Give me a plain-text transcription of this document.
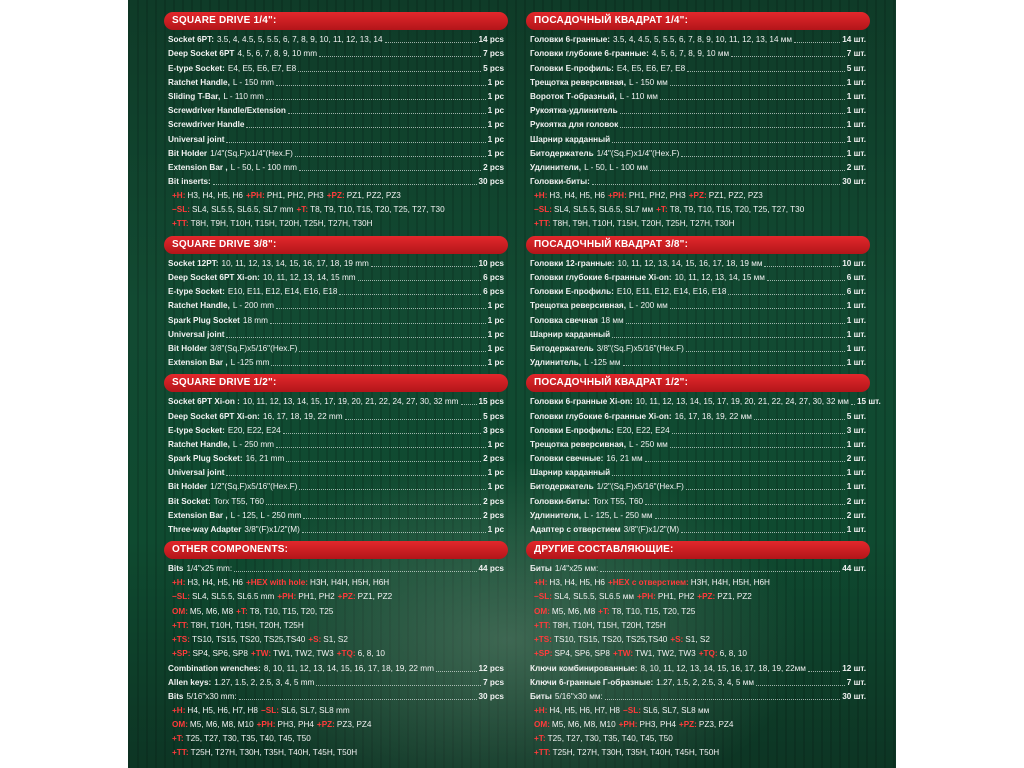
SQUARE DRIVE 1/4":
Socket 6PT: 3.5, 4, 4.5, 5, 5.5, 6, 7, 8, 9, 10, 11, 12, 13, 14	14 pcs
Deep Socket 6PT 4, 5, 6, 7, 8, 9, 10 mm	7 pcs
E-type Socket: E4, E5, E6, E7, E8	5 pcs
Ratchet Handle, L - 150 mm	1 pc
Sliding T-Bar, L - 110 mm	1 pc
Screwdriver Handle/Extension	1 pc
Screwdriver Handle	1 pc
Universal joint	1 pc
Bit Holder 1/4"(Sq.F)x1/4"(Hex.F)	1 pc
Extension Bar , L - 50, L - 100 mm	2 pcs
Bit inserts:	30 pcs
+H: H3, H4, H5, H6 +PH: PH1, PH2, PH3 +PZ: PZ1, PZ2, PZ3
−SL: SL4, SL5.5, SL6.5, SL7 mm +T: T8, T9, T10, T15, T20, T25, T27, T30
+TT: T8H, T9H, T10H, T15H, T20H, T25H, T27H, T30H
SQUARE DRIVE 3/8":
Socket 12PT: 10, 11, 12, 13, 14, 15, 16, 17, 18, 19 mm	10 pcs
Deep Socket 6PT Xi-on: 10, 11, 12, 13, 14, 15 mm	6 pcs
E-type Socket: E10, E11, E12, E14, E16, E18	6 pcs
Ratchet Handle, L - 200 mm	1 pc
Spark Plug Socket 18 mm	1 pc
Universal joint	1 pc
Bit Holder 3/8"(Sq.F)x5/16"(Hex.F)	1 pc
Extension Bar , L -125 mm	1 pc
SQUARE DRIVE 1/2":
Socket 6PT Xi-on : 10, 11, 12, 13, 14, 15, 17, 19, 20, 21, 22, 24, 27, 30, 32 mm 15 pcs
Deep Socket 6PT Xi-on: 16, 17, 18, 19, 22 mm	5 pcs
E-type Socket: E20, E22, E24	3 pcs
Ratchet Handle, L - 250 mm	1 pc
Spark Plug Socket: 16, 21 mm	2 pcs
Universal joint	1 pc
Bit Holder 1/2"(Sq.F)x5/16"(Hex.F)	1 pc
Bit Socket: Torx T55, T60	2 pcs
Extension Bar , L - 125, L - 250 mm	2 pcs
Three-way Adapter 3/8"(F)x1/2"(M)	1 pc
OTHER COMPONENTS:
Bits 1/4"x25 mm:	44 pcs
+H: H3, H4, H5, H6 +HEX with hole: H3H, H4H, H5H, H6H
−SL: SL4, SL5.5, SL6.5 mm +PH: PH1, PH2 +PZ: PZ1, PZ2
OM: M5, M6, M8 +T: T8, T10, T15, T20, T25
+TT: T8H, T10H, T15H, T20H, T25H
+TS: TS10, TS15, TS20, TS25,TS40 +S: S1, S2
+SP: SP4, SP6, SP8 +TW: TW1, TW2, TW3 +TQ: 6, 8, 10
Combination wrenches: 8, 10, 11, 12, 13, 14, 15, 16, 17, 18, 19, 22 mm	12 pcs
Allen keys: 1.27, 1.5, 2, 2.5, 3, 4, 5 mm	7 pcs
Bits 5/16"x30 mm:	30 pcs
+H: H4, H5, H6, H7, H8 −SL: SL6, SL7, SL8 mm
OM: M5, M6, M8, M10 +PH: PH3, PH4 +PZ: PZ3, PZ4
+T: T25, T27, T30, T35, T40, T45, T50
+TT: T25H, T27H, T30H, T35H, T40H, T45H, T50H
ПОСАДОЧНЫЙ КВАДРАТ 1/4":
Головки 6-гранные: 3.5, 4, 4.5, 5, 5.5, 6, 7, 8, 9, 10, 11, 12, 13, 14 мм	14 шт.
Головки глубокие 6-гранные: 4, 5, 6, 7, 8, 9, 10 мм	7 шт.
Головки Е-профиль: E4, E5, E6, E7, E8	5 шт.
Трещотка реверсивная, L - 150 мм	1 шт.
Вороток Т-образный, L - 110 мм	1 шт.
Рукоятка-удлинитель	1 шт.
Рукоятка для головок	1 шт.
Шарнир карданный	1 шт.
Битодержатель 1/4"(Sq.F)x1/4"(Hex.F)	1 шт.
Удлинители, L - 50, L - 100 мм	2 шт.
Головки-биты:	30 шт.
+H: H3, H4, H5, H6 +PH: PH1, PH2, PH3 +PZ: PZ1, PZ2, PZ3
−SL: SL4, SL5.5, SL6.5, SL7 мм +T: T8, T9, T10, T15, T20, T25, T27, T30
+TT: T8H, T9H, T10H, T15H, T20H, T25H, T27H, T30H
ПОСАДОЧНЫЙ КВАДРАТ 3/8":
Головки 12-гранные: 10, 11, 12, 13, 14, 15, 16, 17, 18, 19 мм	10 шт.
Головки глубокие 6-гранные Xi-on: 10, 11, 12, 13, 14, 15 мм	6 шт.
Головки Е-профиль: E10, E11, E12, E14, E16, E18	6 шт.
Трещотка реверсивная, L - 200 мм	1 шт.
Головка свечная 18 мм	1 шт.
Шарнир карданный	1 шт.
Битодержатель 3/8"(Sq.F)x5/16"(Hex.F)	1 шт.
Удлинитель, L -125 мм	1 шт.
ПОСАДОЧНЫЙ КВАДРАТ 1/2":
Головки 6-гранные Xi-on: 10, 11, 12, 13, 14, 15, 17, 19, 20, 21, 22, 24, 27, 30, 32 мм 15 шт.
Головки глубокие 6-гранные Xi-on: 16, 17, 18, 19, 22 мм	5 шт.
Головки Е-профиль: E20, E22, E24	3 шт.
Трещотка реверсивная, L - 250 мм	1 шт.
Головки свечные: 16, 21 мм	2 шт.
Шарнир карданный	1 шт.
Битодержатель 1/2"(Sq.F)x5/16"(Hex.F)	1 шт.
Головки-биты: Torx T55, T60	2 шт.
Удлинители, L - 125, L - 250 мм	2 шт.
Адаптер с отверстием 3/8"(F)x1/2"(M)	1 шт.
ДРУГИЕ СОСТАВЛЯЮЩИЕ:
Биты 1/4"x25 мм:	44 шт.
+H: H3, H4, H5, H6 +HEX с отверстием: H3H, H4H, H5H, H6H
−SL: SL4, SL5.5, SL6.5 мм +PH: PH1, PH2 +PZ: PZ1, PZ2
OM: M5, M6, M8 +T: T8, T10, T15, T20, T25
+TT: T8H, T10H, T15H, T20H, T25H
+TS: TS10, TS15, TS20, TS25,TS40 +S: S1, S2
+SP: SP4, SP6, SP8 +TW: TW1, TW2, TW3 +TQ: 6, 8, 10
Ключи комбинированные: 8, 10, 11, 12, 13, 14, 15, 16, 17, 18, 19, 22мм	12 шт.
Ключи 6-гранные Г-образные: 1.27, 1.5, 2, 2.5, 3, 4, 5 мм	7 шт.
Биты 5/16"x30 мм:	30 шт.
+H: H4, H5, H6, H7, H8 −SL: SL6, SL7, SL8 мм
OM: M5, M6, M8, M10 +PH: PH3, PH4 +PZ: PZ3, PZ4
+T: T25, T27, T30, T35, T40, T45, T50
+TT: T25H, T27H, T30H, T35H, T40H, T45H, T50H
